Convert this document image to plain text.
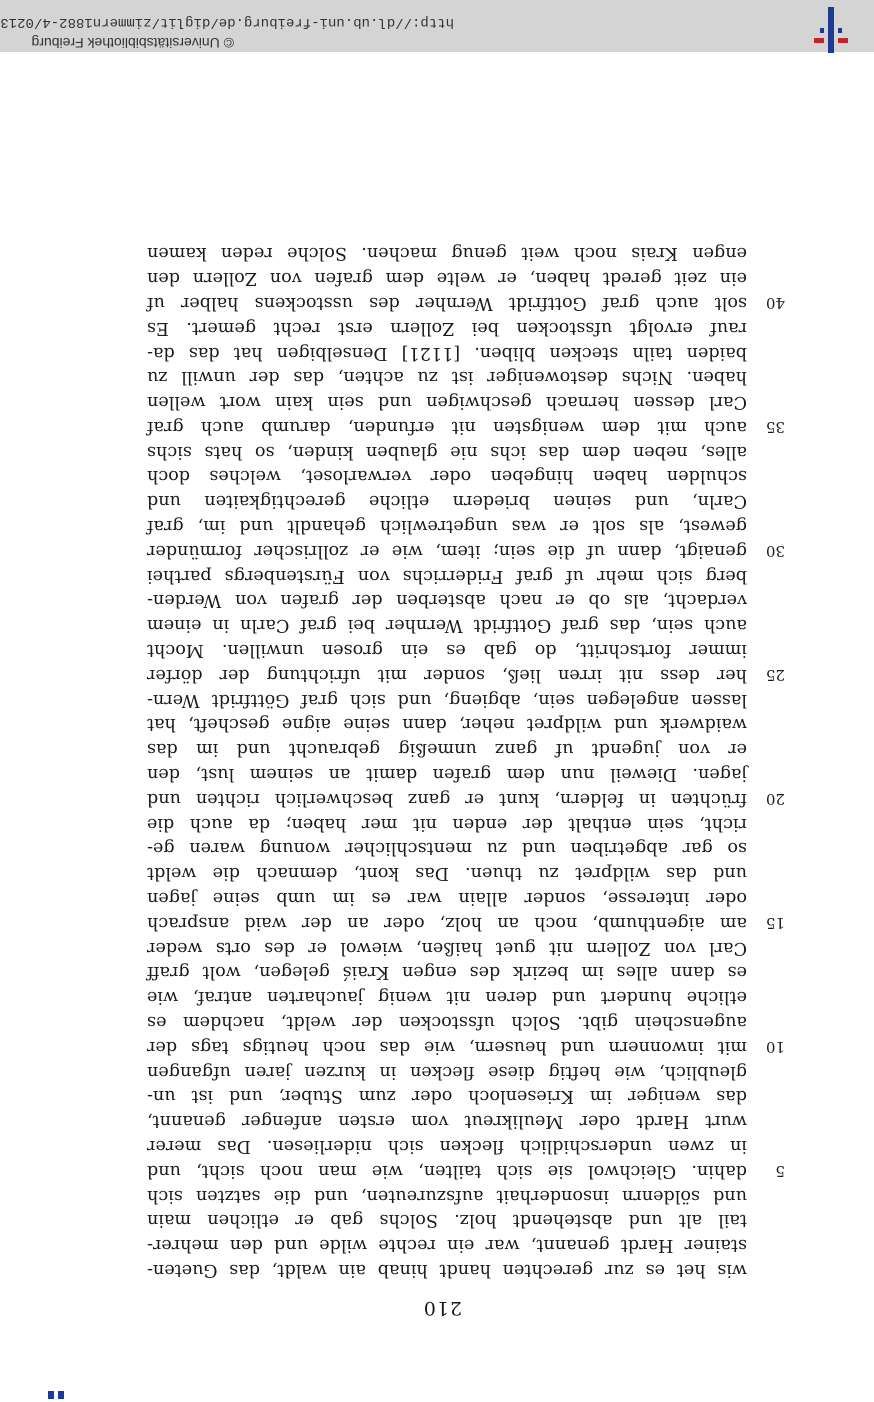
210
wis het es zur gerechten handt hinab ain waldt, das Gueten-
stainer Hardt genannt, war ein rechte wilde und den mehrer-
tail alt und abstehendt holz. Solchs gab er etlichen main
und söldenrn insonderhait aufszureuten, und die satzten sich
5
dahin. Gleichwol sie sich tailten, wie man noch sicht, und
in zwen underschidlich flecken sich niderliesen. Das merer
wurt Hardt oder Meulikreut vom ersten anfenger genannt,
das weniger im Kriesenloch oder zum Stuber, und ist un-
gleublich, wie heftig diese flecken in kurzen jaren ufgangen
10
mit inwonnern und heusern, wie das noch heutigs tags der
augenschein gibt. Solch ufsstocken der weldt, nachdem es
etliche hundert und deren nit wenig jaucharten antraf, wie
es dann alles im bezirk des engen Kraiś gelegen, wolt graff
Carl von Zollern nit guet haißen, wiewol er des orts weder
15
am aigenthumb, noch an holz, oder an der waid ansprach
oder interesse, sonder allain war es im umb seine jagen
und das wildpret zu thuen. Das kont, demnach die weldt
so gar abgetriben und zu mentschlicher wonung waren ge-
richt, sein enthalt der enden nit mer haben; da auch die
20
früchten in feldern, kunt er ganz beschwerlich richten und
jagen. Dieweil nun dem grafen damit an seinem lust, den
er von jugendt uf ganz unmeßig gebraucht und im das
waidwerk und wildpret neher, dann seine aigne gescheft, hat
lassen angelegen sein, abgieng, und sich graf Göttfridt Wern-
25
her dess nit irren ließ, sonder mit ufrichtung der dörfer
immer fortschritt, do gab es ein grosen unwillen. Mocht
auch sein, das graf Gottfridt Wernher bei graf Carln in einem
verdacht, als ob er nach absterben der grafen von Werden-
berg sich mehr uf graf Friderrichs von Fürstenbergs parthei
30
genaigt, dann uf die sein; item, wie er zollrischer formünder
gewest, als solt er was ungetrewlich gehandlt und im, graf
Carln, und seinen briedern etliche gerechtigkaiten und
schulden haben hingeben oder verwarloset, welches doch
alles, neben dem das ichs nie glauben kinden, so hats sichs
35
auch mit dem wenigsten nit erfunden, darumb auch graf
Carl dessen hernach geschwigen und sein kain wort wellen
haben. Nichs destoweniger ist zu achten, das der unwill zu
baiden tailn stecken bliben. [1121] Denselbigen hat das da-
rauf ervolgt ufsstocken bei Zollern erst recht gemert. Es
40
solt auch graf Gottfridt Wernher des usstockens halber uf
ein zeit geredt haben, er welte dem grafen von Zollern den
engen Krais noch weit genug machen. Solche reden kamen
© Universitätsbibliothek Freiburg
http://dl.ub.uni-freiburg.de/diglit/zimmern1882-4/0213
